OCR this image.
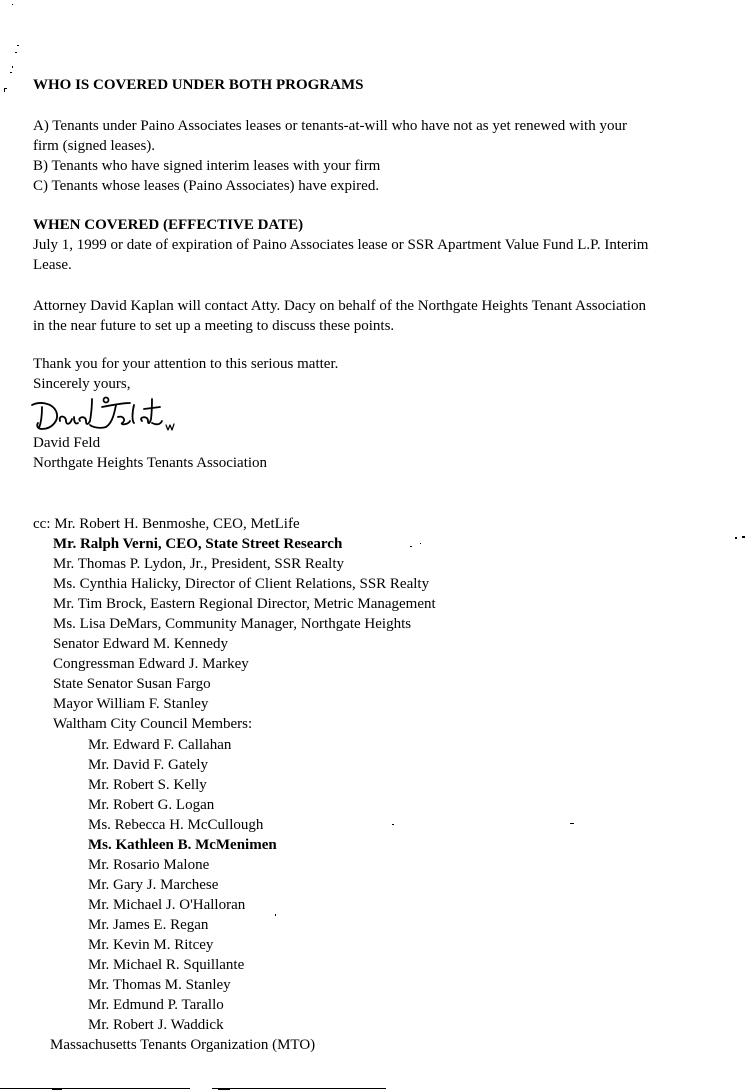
WHO IS COVERED UNDER BOTH PROGRAMS
A) Tenants under Paino Associates leases or tenants-at-will who have not as yet renewed with your
firm (signed leases).
B) Tenants who have signed interim leases with your firm
C) Tenants whose leases (Paino Associates) have expired.
WHEN COVERED (EFFECTIVE DATE)
July 1, 1999 or date of expiration of Paino Associates lease or SSR Apartment Value Fund L.P. Interim
Lease.
Attorney David Kaplan will contact Atty. Dacy on behalf of the Northgate Heights Tenant Association
in the near future to set up a meeting to discuss these points.
Thank you for your attention to this serious matter.
Sincerely yours,
David Feld
Northgate Heights Tenants Association
cc: Mr. Robert H. Benmoshe, CEO, MetLife
Mr. Ralph Verni, CEO, State Street Research
Mr. Thomas P. Lydon, Jr., President, SSR Realty
Ms. Cynthia Halicky, Director of Client Relations, SSR Realty
Mr. Tim Brock, Eastern Regional Director, Metric Management
Ms. Lisa DeMars, Community Manager, Northgate Heights
Senator Edward M. Kennedy
Congressman Edward J. Markey
State Senator Susan Fargo
Mayor William F. Stanley
Waltham City Council Members:
Mr. Edward F. Callahan
Mr. David F. Gately
Mr. Robert S. Kelly
Mr. Robert G. Logan
Ms. Rebecca H. McCullough
Ms. Kathleen B. McMenimen
Mr. Rosario Malone
Mr. Gary J. Marchese
Mr. Michael J. O'Halloran
Mr. James E. Regan
Mr. Kevin M. Ritcey
Mr. Michael R. Squillante
Mr. Thomas M. Stanley
Mr. Edmund P. Tarallo
Mr. Robert J. Waddick
Massachusetts Tenants Organization (MTO)
